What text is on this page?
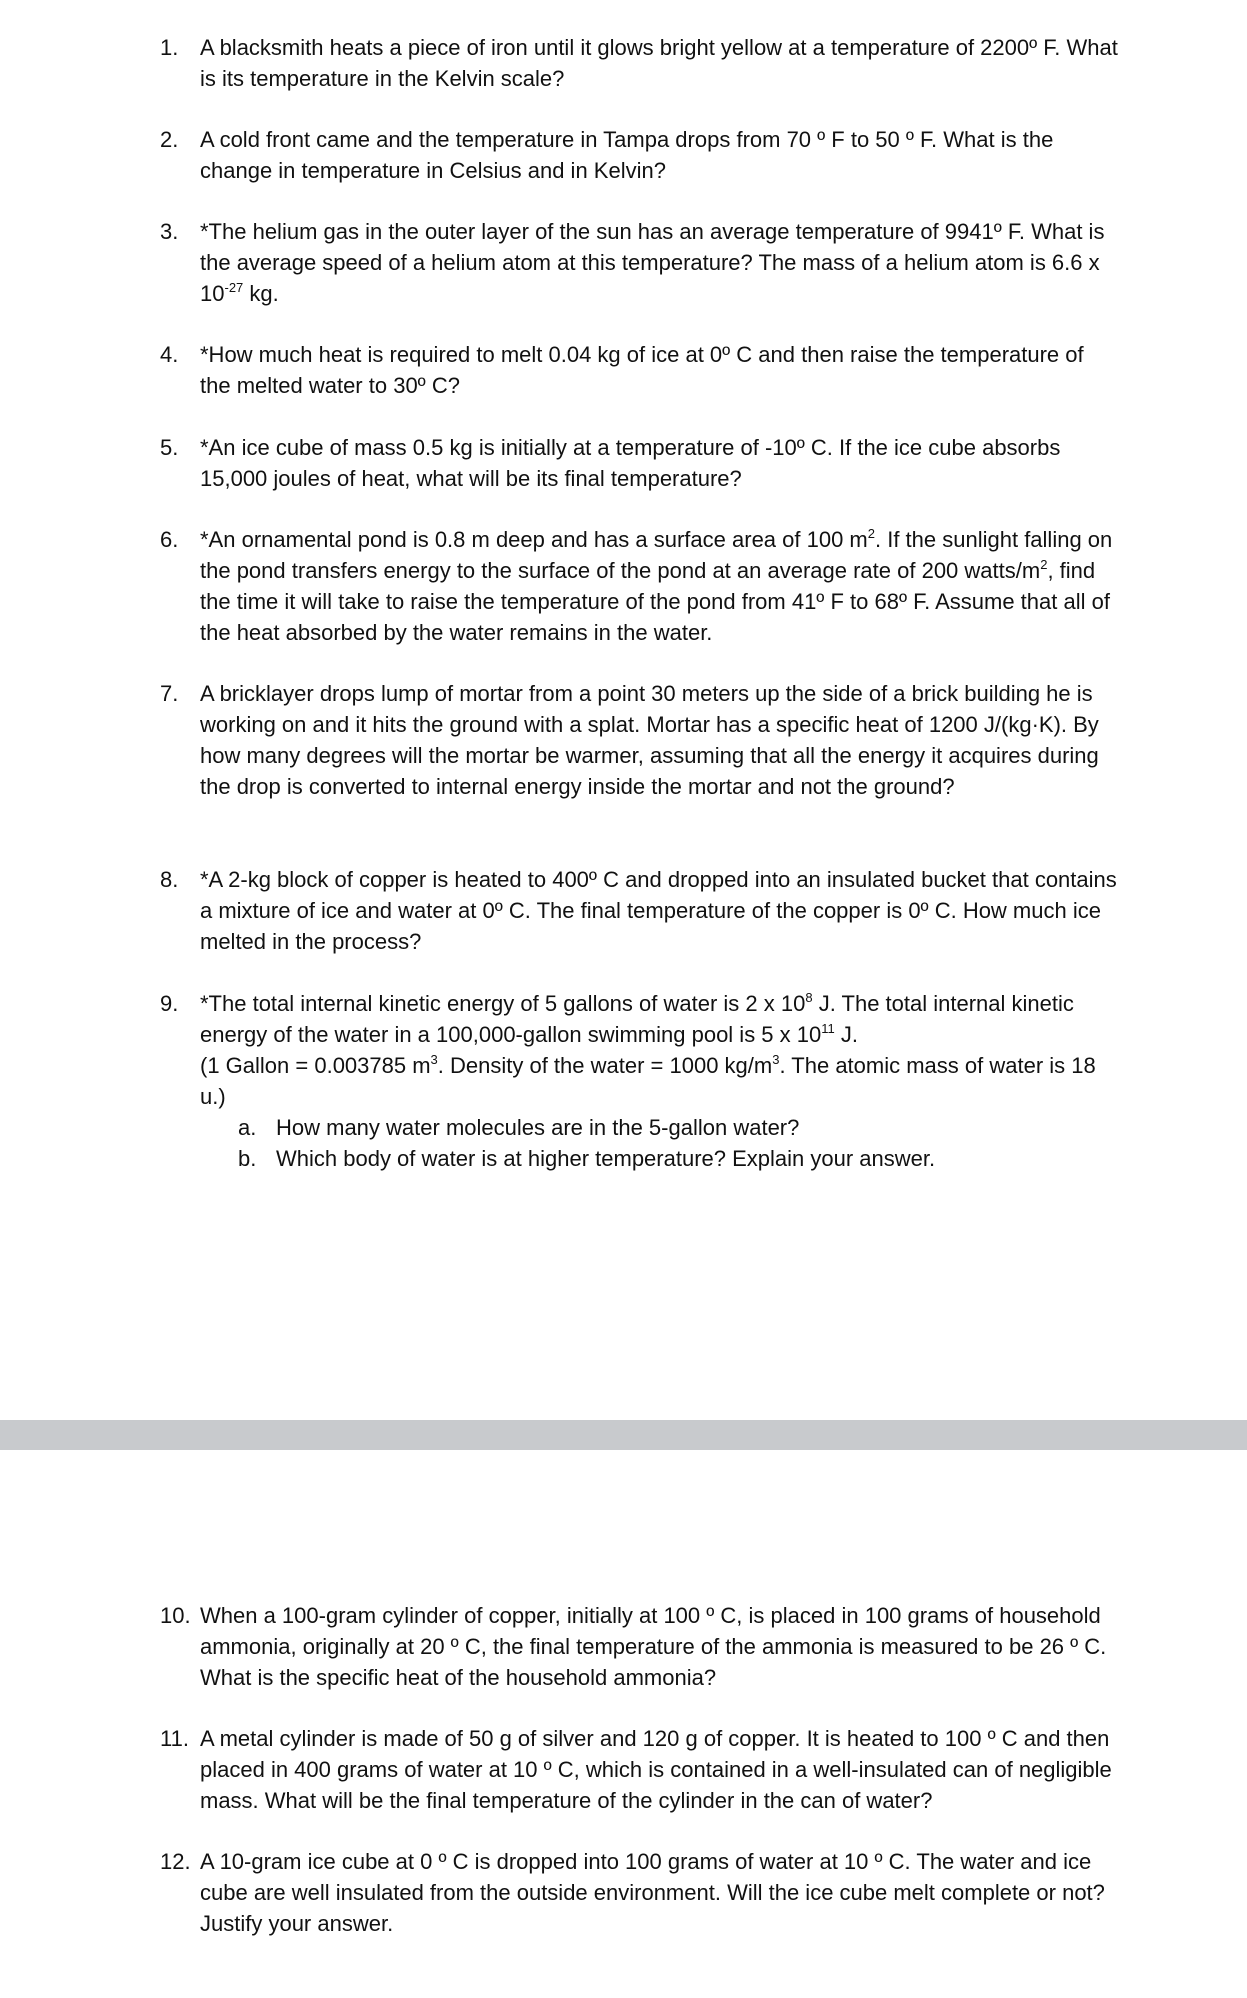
1. A blacksmith heats a piece of iron until it glows bright yellow at a temperature of 2200º F. What is its temperature in the Kelvin scale?

2. A cold front came and the temperature in Tampa drops from 70 º F to 50 º F. What is the change in temperature in Celsius and in Kelvin?

3. *The helium gas in the outer layer of the sun has an average temperature of 9941º F. What is the average speed of a helium atom at this temperature? The mass of a helium atom is 6.6 x $10^{-27}$ kg.

4. *How much heat is required to melt 0.04 kg of ice at 0º C and then raise the temperature of the melted water to 30º C?

5. *An ice cube of mass 0.5 kg is initially at a temperature of -10º C. If the ice cube absorbs 15,000 joules of heat, what will be its final temperature?

6. *An ornamental pond is 0.8 m deep and has a surface area of 100 $m^2$. If the sunlight falling on the pond transfers energy to the surface of the pond at an average rate of 200 watts/$m^2$, find the time it will take to raise the temperature of the pond from 41º F to 68º F. Assume that all of the heat absorbed by the water remains in the water.

7. A bricklayer drops lump of mortar from a point 30 meters up the side of a brick building he is working on and it hits the ground with a splat. Mortar has a specific heat of 1200 J/(kg·K). By how many degrees will the mortar be warmer, assuming that all the energy it acquires during the drop is converted to internal energy inside the mortar and not the ground?

8. *A 2-kg block of copper is heated to 400º C and dropped into an insulated bucket that contains a mixture of ice and water at 0º C. The final temperature of the copper is 0º C. How much ice melted in the process?

9. *The total internal kinetic energy of 5 gallons of water is 2 x $10^8$ J. The total internal kinetic energy of the water in a 100,000-gallon swimming pool is 5 x $10^{11}$ J.

(1 Gallon = 0.003785 $m^3$. Density of the water = 1000 $kg/m^3$. The atomic mass of water is 18 u.)

a. How many water molecules are in the 5-gallon water?
b. Which body of water is at higher temperature? Explain your answer.
10. When a 100-gram cylinder of copper, initially at 100 º C, is placed in 100 grams of household ammonia, originally at 20 º C, the final temperature of the ammonia is measured to be 26 º C. What is the specific heat of the household ammonia?

11. A metal cylinder is made of 50 g of silver and 120 g of copper. It is heated to 100 º C and then placed in 400 grams of water at 10 º C, which is contained in a well-insulated can of negligible mass. What will be the final temperature of the cylinder in the can of water?

12. A 10-gram ice cube at 0 º C is dropped into 100 grams of water at 10 º C. The water and ice cube are well insulated from the outside environment. Will the ice cube melt complete or not? Justify your answer.
